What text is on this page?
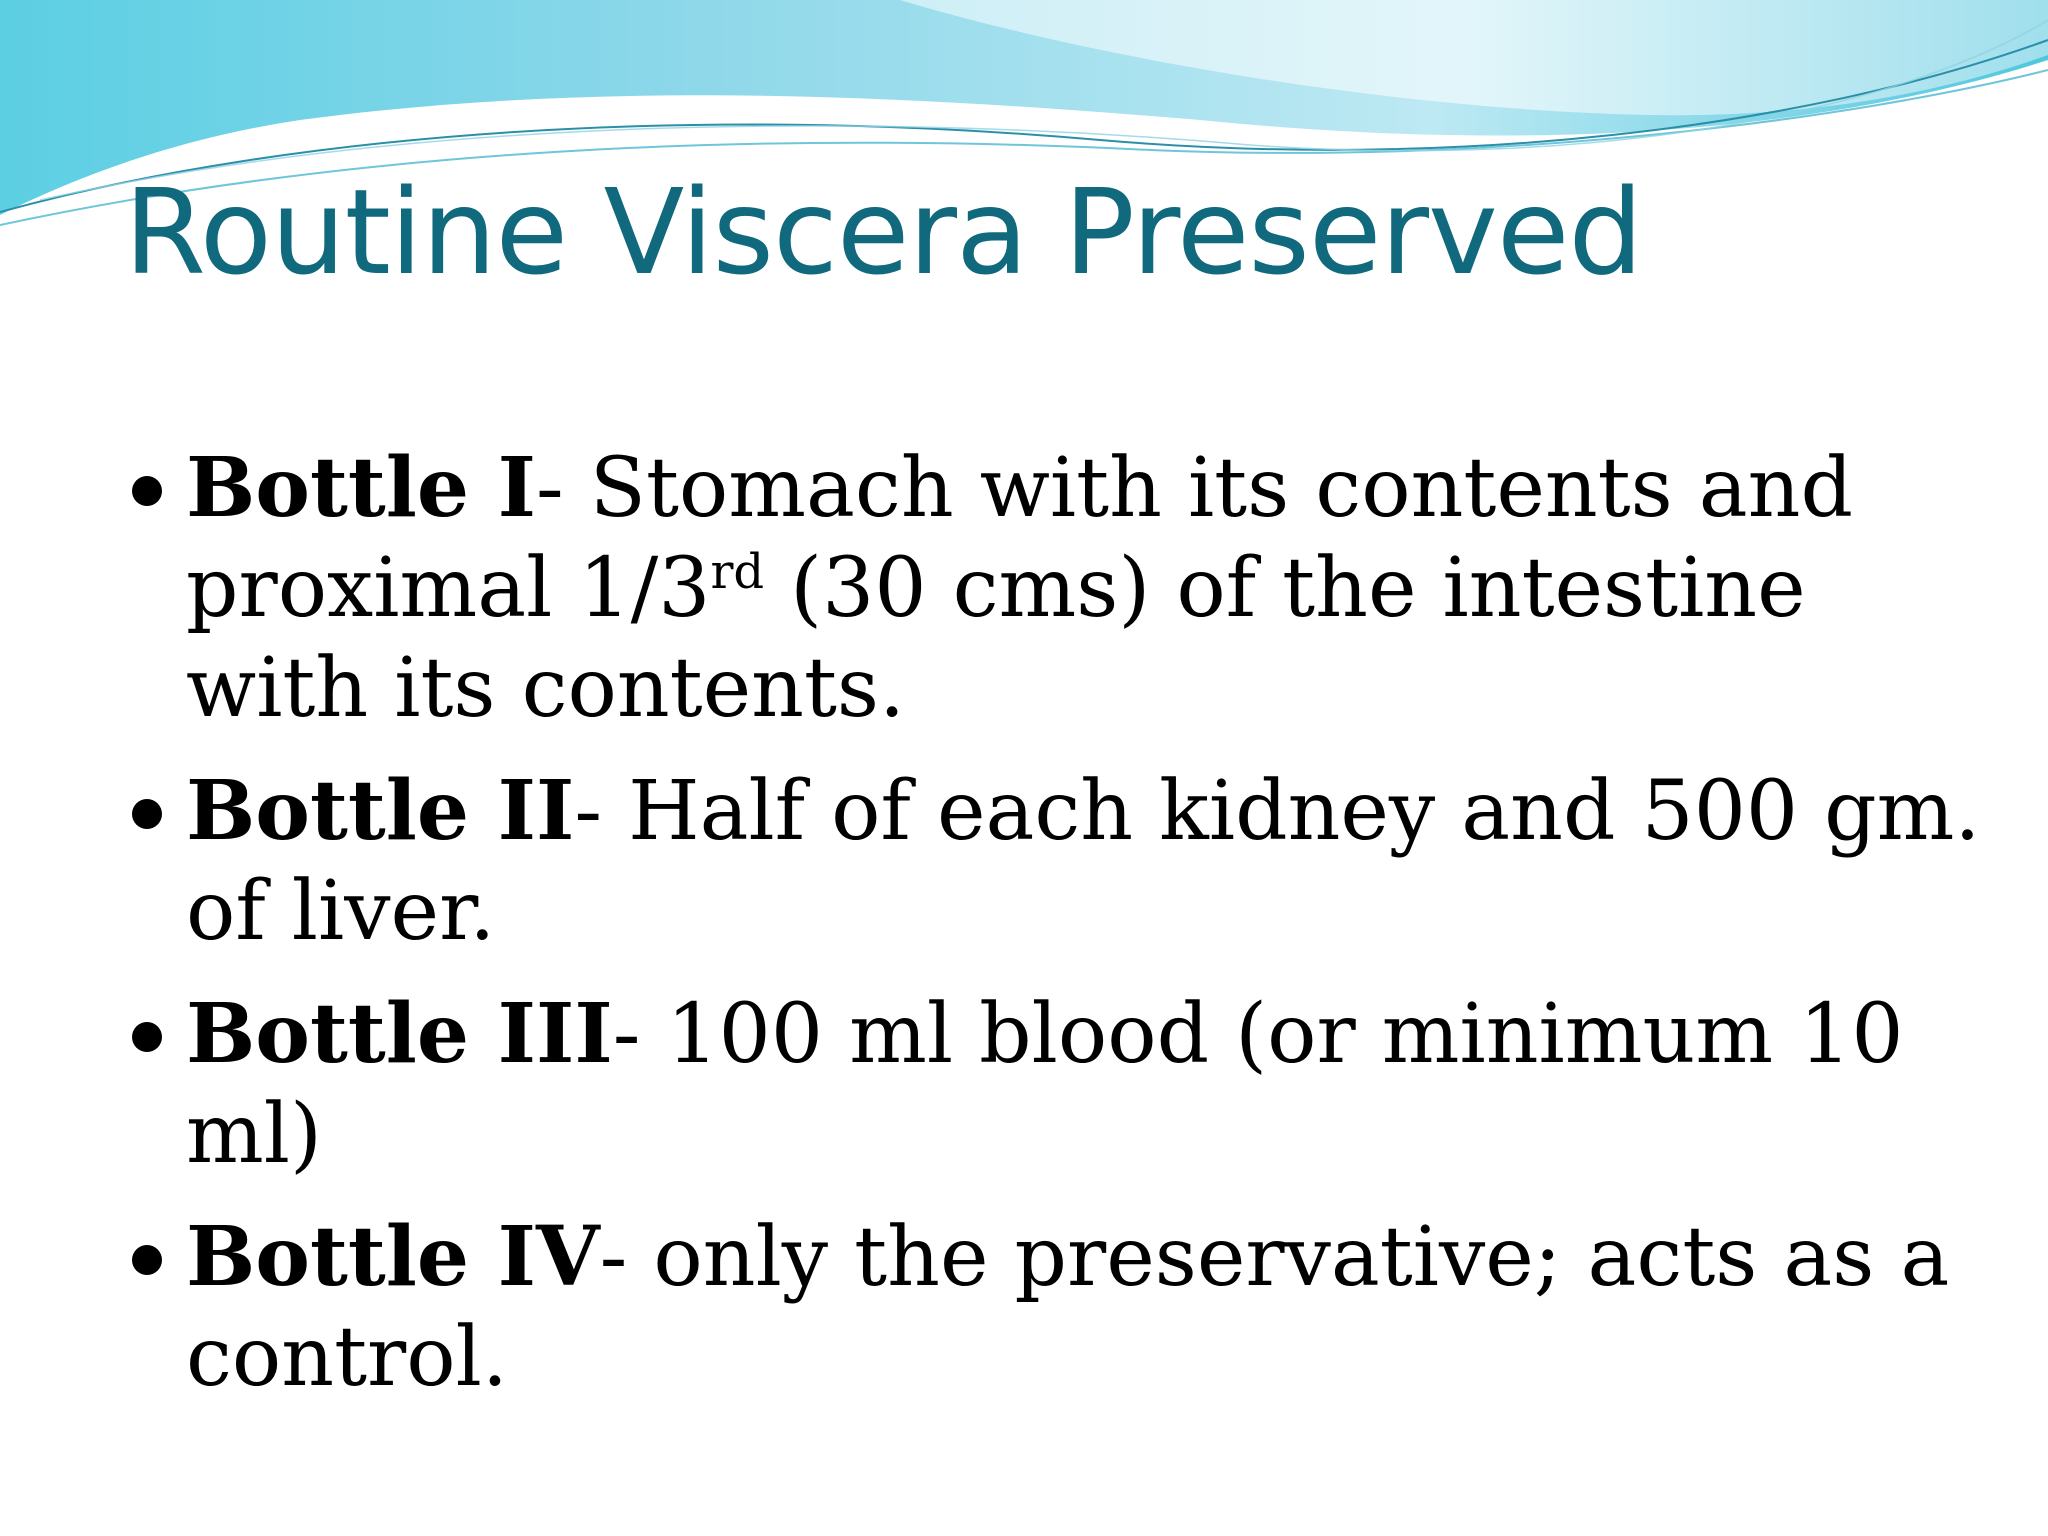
Routine Viscera Preserved
Bottle I- Stomach with its contents and proximal 1/3rd (30 cms) of the intestine with its contents.
Bottle II- Half of each kidney and 500 gm. of liver.
Bottle III- 100 ml blood (or minimum 10 ml)
Bottle IV- only the preservative; acts as a control.
